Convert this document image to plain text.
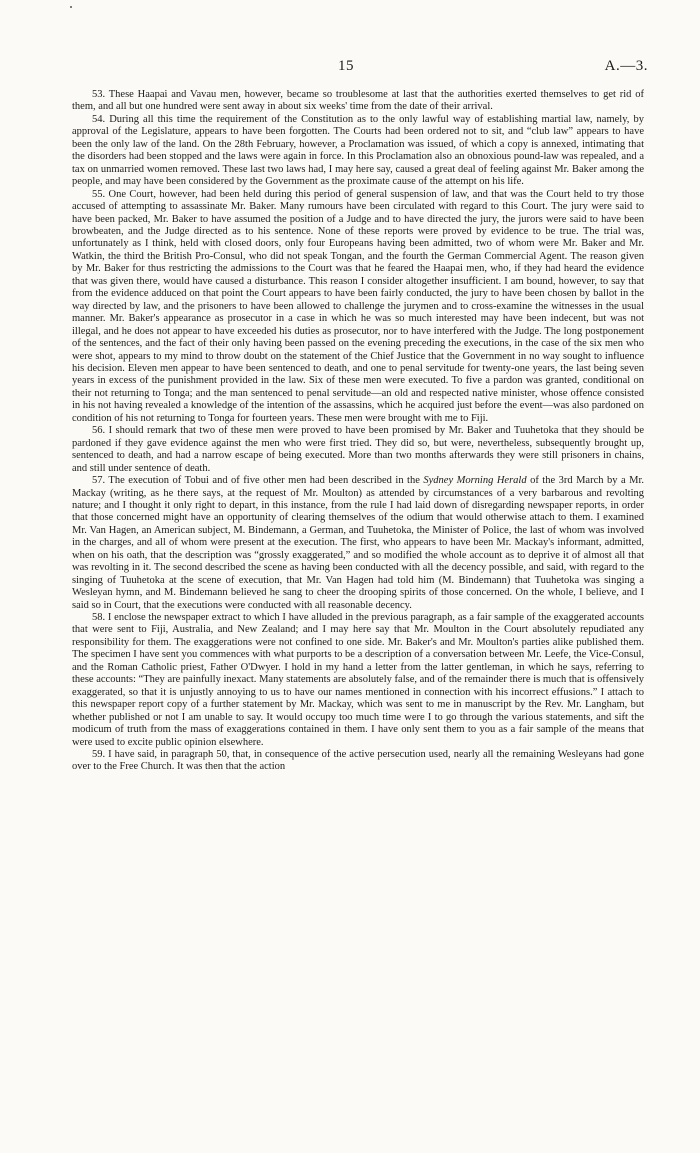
15	A.—3.

53. These Haapai and Vavau men, however, became so troublesome at last that the authorities exerted themselves to get rid of them, and all but one hundred were sent away in about six weeks' time from the date of their arrival.

54. During all this time the requirement of the Constitution as to the only lawful way of establishing martial law, namely, by approval of the Legislature, appears to have been forgotten. The Courts had been ordered not to sit, and “club law” appears to have been the only law of the land. On the 28th February, however, a Proclamation was issued, of which a copy is annexed, intimating that the disorders had been stopped and the laws were again in force. In this Proclamation also an obnoxious pound-law was repealed, and a tax on unmarried women removed. These last two laws had, I may here say, caused a great deal of feeling against Mr. Baker among the people, and may have been considered by the Government as the proximate cause of the attempt on his life.

55. One Court, however, had been held during this period of general suspension of law, and that was the Court held to try those accused of attempting to assassinate Mr. Baker. Many rumours have been circulated with regard to this Court. The jury were said to have been packed, Mr. Baker to have assumed the position of a Judge and to have directed the jury, the jurors were said to have been browbeaten, and the Judge directed as to his sentence. None of these reports were proved by evidence to be true. The trial was, unfortunately as I think, held with closed doors, only four Europeans having been admitted, two of whom were Mr. Baker and Mr. Watkin, the third the British Pro-Consul, who did not speak Tongan, and the fourth the German Commercial Agent. The reason given by Mr. Baker for thus restricting the admissions to the Court was that he feared the Haapai men, who, if they had heard the evidence that was given there, would have caused a disturbance. This reason I consider altogether insufficient. I am bound, however, to say that from the evidence adduced on that point the Court appears to have been fairly conducted, the jury to have been chosen by ballot in the way directed by law, and the prisoners to have been allowed to challenge the jurymen and to cross-examine the witnesses in the usual manner. Mr. Baker's appearance as prosecutor in a case in which he was so much interested may have been indecent, but was not illegal, and he does not appear to have exceeded his duties as prosecutor, nor to have interfered with the Judge. The long postponement of the sentences, and the fact of their only having been passed on the evening preceding the executions, in the case of the six men who were shot, appears to my mind to throw doubt on the statement of the Chief Justice that the Government in no way sought to influence his decision. Eleven men appear to have been sentenced to death, and one to penal servitude for twenty-one years, the last being seven years in excess of the punishment provided in the law. Six of these men were executed. To five a pardon was granted, conditional on their not returning to Tonga; and the man sentenced to penal servitude—an old and respected native minister, whose offence consisted in his not having revealed a knowledge of the intention of the assassins, which he acquired just before the event—was also pardoned on condition of his not returning to Tonga for fourteen years. These men were brought with me to Fiji.

56. I should remark that two of these men were proved to have been promised by Mr. Baker and Tuuhetoka that they should be pardoned if they gave evidence against the men who were first tried. They did so, but were, nevertheless, subsequently brought up, sentenced to death, and had a narrow escape of being executed. More than two months afterwards they were still prisoners in chains, and still under sentence of death.

57. The execution of Tobui and of five other men had been described in the Sydney Morning Herald of the 3rd March by a Mr. Mackay (writing, as he there says, at the request of Mr. Moulton) as attended by circumstances of a very barbarous and revolting nature; and I thought it only right to depart, in this instance, from the rule I had laid down of disregarding newspaper reports, in order that those concerned might have an opportunity of clearing themselves of the odium that would otherwise attach to them. I examined Mr. Van Hagen, an American subject, M. Bindemann, a German, and Tuuhetoka, the Minister of Police, the last of whom was involved in the charges, and all of whom were present at the execution. The first, who appears to have been Mr. Mackay's informant, admitted, when on his oath, that the description was “grossly exaggerated,” and so modified the whole account as to deprive it of almost all that was revolting in it. The second described the scene as having been conducted with all the decency possible, and said, with regard to the singing of Tuuhetoka at the scene of execution, that Mr. Van Hagen had told him (M. Bindemann) that Tuuhetoka was singing a Wesleyan hymn, and M. Bindemann believed he sang to cheer the drooping spirits of those concerned. On the whole, I believe, and I said so in Court, that the executions were conducted with all reasonable decency.

58. I enclose the newspaper extract to which I have alluded in the previous paragraph, as a fair sample of the exaggerated accounts that were sent to Fiji, Australia, and New Zealand; and I may here say that Mr. Moulton in the Court absolutely repudiated any responsibility for them. The exaggerations were not confined to one side. Mr. Baker's and Mr. Moulton's parties alike published them. The specimen I have sent you commences with what purports to be a description of a conversation between Mr. Leefe, the Vice-Consul, and the Roman Catholic priest, Father O'Dwyer. I hold in my hand a letter from the latter gentleman, in which he says, referring to these accounts: “They are painfully inexact. Many statements are absolutely false, and of the remainder there is much that is offensively exaggerated, so that it is unjustly annoying to us to have our names mentioned in connection with his incorrect effusions.” I attach to this newspaper report copy of a further statement by Mr. Mackay, which was sent to me in manuscript by the Rev. Mr. Langham, but whether published or not I am unable to say. It would occupy too much time were I to go through the various statements, and sift the modicum of truth from the mass of exaggerations contained in them. I have only sent them to you as a fair sample of the means that were used to excite public opinion elsewhere.

59. I have said, in paragraph 50, that, in consequence of the active persecution used, nearly all the remaining Wesleyans had gone over to the Free Church. It was then that the action
